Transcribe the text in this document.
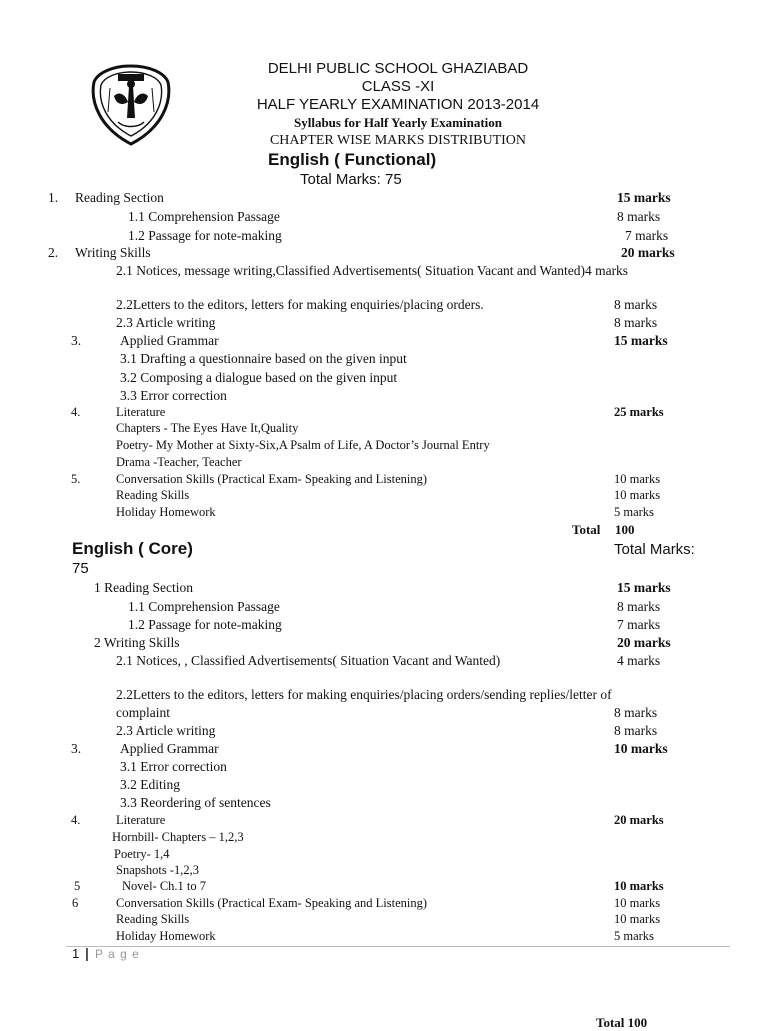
DELHI PUBLIC SCHOOL GHAZIABAD
CLASS -XI
HALF YEARLY EXAMINATION 2013-2014
Syllabus for Half Yearly Examination
CHAPTER WISE MARKS DISTRIBUTION
English ( Functional)
Total Marks: 75
1. Reading Section	15 marks
1.1 Comprehension Passage	8 marks
1.2 Passage for note-making	7 marks
2. Writing Skills	20 marks
2.1 Notices, message writing,Classified Advertisements( Situation Vacant and Wanted)4 marks
2.2Letters to the editors, letters for making enquiries/placing orders.	8 marks
2.3 Article writing	8 marks
3.	Applied Grammar	15 marks
3.1 Drafting a questionnaire based on the given input
3.2 Composing a dialogue based on the given input
3.3 Error correction
4.	Literature	25 marks
Chapters - The Eyes Have It,Quality
Poetry- My Mother at Sixty-Six,A Psalm of Life, A Doctor’s Journal Entry
Drama -Teacher, Teacher
5.	Conversation Skills (Practical Exam- Speaking and Listening)	10 marks
Reading Skills	10 marks
Holiday Homework	5 marks
Total 100
English ( Core)	Total Marks:
75
1 Reading Section	15 marks
1.1 Comprehension Passage	8 marks
1.2 Passage for note-making	7 marks
2 Writing Skills	20 marks
2.1 Notices, , Classified Advertisements( Situation Vacant and Wanted)	4 marks
2.2Letters to the editors, letters for making enquiries/placing orders/sending replies/letter of
complaint	8 marks
2.3 Article writing	8 marks
3.	Applied Grammar	10 marks
3.1 Error correction
3.2 Editing
3.3 Reordering of sentences
4.	Literature	20 marks
Hornbill- Chapters – 1,2,3
Poetry- 1,4
Snapshots -1,2,3
5	Novel- Ch.1 to 7	10 marks
6	Conversation Skills (Practical Exam- Speaking and Listening)	10 marks
Reading Skills	10 marks
Holiday Homework	5 marks
1 | P a g e
Total 100
